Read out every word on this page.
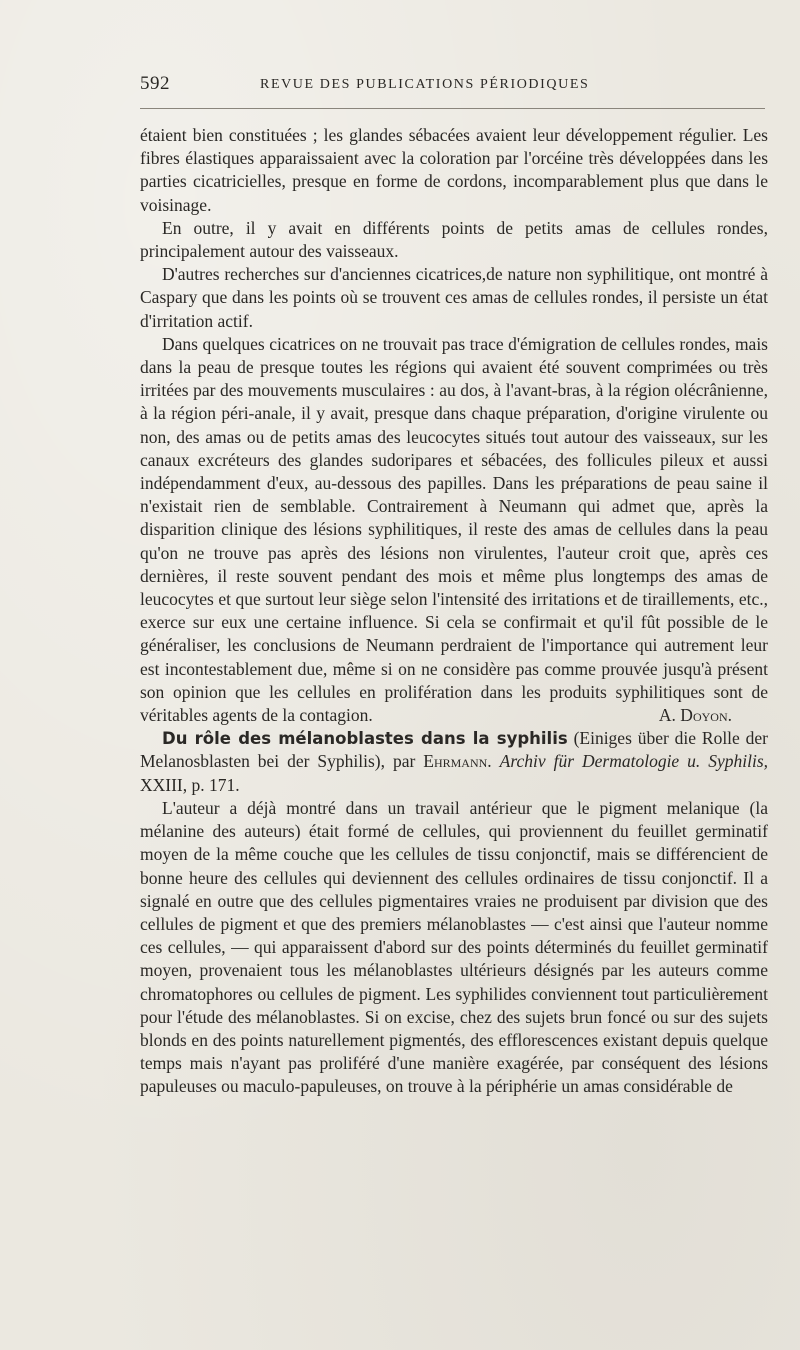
592	REVUE DES PUBLICATIONS PÉRIODIQUES

étaient bien constituées ; les glandes sébacées avaient leur développement régulier. Les fibres élastiques apparaissaient avec la coloration par l'orcéine très développées dans les parties cicatricielles, presque en forme de cordons, incomparablement plus que dans le voisinage.

En outre, il y avait en différents points de petits amas de cellules rondes, principalement autour des vaisseaux.

D'autres recherches sur d'anciennes cicatrices,de nature non syphilitique, ont montré à Caspary que dans les points où se trouvent ces amas de cellules rondes, il persiste un état d'irritation actif.

Dans quelques cicatrices on ne trouvait pas trace d'émigration de cellules rondes, mais dans la peau de presque toutes les régions qui avaient été souvent comprimées ou très irritées par des mouvements musculaires : au dos, à l'avant-bras, à la région olécrânienne, à la région péri-anale, il y avait, presque dans chaque préparation, d'origine virulente ou non, des amas ou de petits amas des leucocytes situés tout autour des vaisseaux, sur les canaux excréteurs des glandes sudoripares et sébacées, des follicules pileux et aussi indépendamment d'eux, au-dessous des papilles. Dans les préparations de peau saine il n'existait rien de semblable. Contrairement à Neumann qui admet que, après la disparition clinique des lésions syphilitiques, il reste des amas de cellules dans la peau qu'on ne trouve pas après des lésions non virulentes, l'auteur croit que, après ces dernières, il reste souvent pendant des mois et même plus longtemps des amas de leucocytes et que surtout leur siège selon l'intensité des irritations et de tiraillements, etc., exerce sur eux une certaine influence. Si cela se confirmait et qu'il fût possible de le généraliser, les conclusions de Neumann perdraient de l'importance qui autrement leur est incontestablement due, même si on ne considère pas comme prouvée jusqu'à présent son opinion que les cellules en prolifération dans les produits syphilitiques sont de véritables agents de la contagion.	A. Doyon.

Du rôle des mélanoblastes dans la syphilis (Einiges über die Rolle der Melanosblasten bei der Syphilis), par Ehrmann. Archiv für Dermatologie u. Syphilis, XXIII, p. 171.

L'auteur a déjà montré dans un travail antérieur que le pigment melanique (la mélanine des auteurs) était formé de cellules, qui proviennent du feuillet germinatif moyen de la même couche que les cellules de tissu conjonctif, mais se différencient de bonne heure des cellules qui deviennent des cellules ordinaires de tissu conjonctif. Il a signalé en outre que des cellules pigmentaires vraies ne produisent par division que des cellules de pigment et que des premiers mélanoblastes — c'est ainsi que l'auteur nomme ces cellules, — qui apparaissent d'abord sur des points déterminés du feuillet germinatif moyen, provenaient tous les mélanoblastes ultérieurs désignés par les auteurs comme chromatophores ou cellules de pigment. Les syphilides conviennent tout particulièrement pour l'étude des mélanoblastes. Si on excise, chez des sujets brun foncé ou sur des sujets blonds en des points naturellement pigmentés, des efflorescences existant depuis quelque temps mais n'ayant pas proliféré d'une manière exagérée, par conséquent des lésions papuleuses ou maculo-papuleuses, on trouve à la périphérie un amas considérable de
